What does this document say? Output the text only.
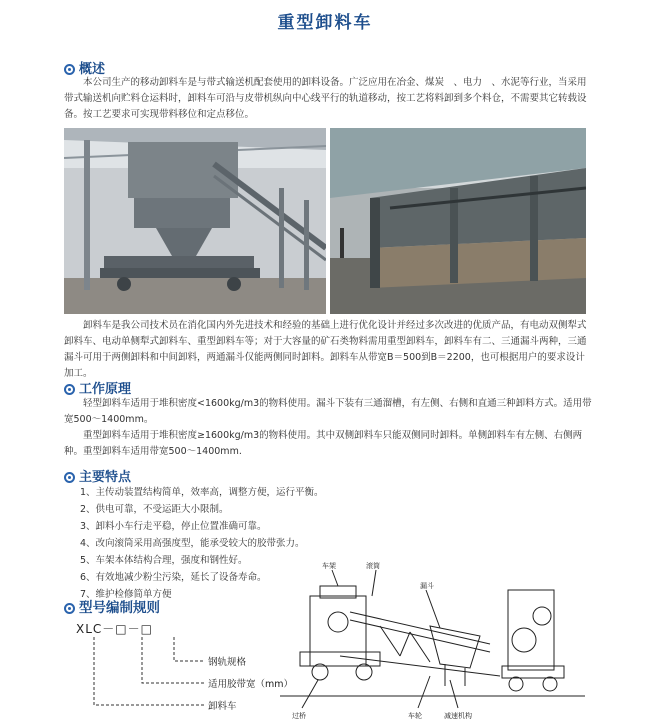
重型卸料车
概述

本公司生产的移动卸料车是与带式输送机配套使用的卸料设备。广泛应用在冶金、煤炭　、电力　、水泥等行业，当采用带式输送机向贮料仓运料时，卸料车可沿与皮带机纵向中心线平行的轨道移动，按工艺将料卸到多个料仓，不需要其它转载设备。按工艺要求可实现带料移位和定点移位。

卸料车是我公司技术员在消化国内外先进技术和经验的基础上进行优化设计并经过多次改进的优质产品，有电动双侧犁式卸料车、电动单侧犁式卸料车、重型卸料车等；对于大容量的矿石类物料需用重型卸料车，卸料车有二、三通漏斗两种，三通漏斗可用于两侧卸料和中间卸料，两通漏斗仅能两侧同时卸料。卸料车从带宽B＝500到B＝2200，也可根据用户的要求设计加工。

工作原理

轻型卸料车适用于堆积密度<1600kg/m3的物料使用。漏斗下装有三通溜槽，有左侧、右侧和直通三种卸料方式。适用带宽500～1400mm。

重型卸料车适用于堆积密度≥1600kg/m3的物料使用。其中双侧卸料车只能双侧同时卸料。单侧卸料车有左侧、右侧两种。重型卸料车适用带宽500～1400mm.

主要特点
1、主传动装置结构简单，效率高，调整方便，运行平衡。
2、供电可靠，不受运距大小限制。
3、卸料小车行走平稳，停止位置准确可靠。
4、改向滚筒采用高强度型，能承受较大的胶带张力。
5、车架本体结构合理，强度和钢性好。
6、有效地减少粉尘污染，延长了设备寿命。
7、维护检修简单方便
型号编制规则
XLC－□－□
钢轨规格
适用胶带宽（mm）
卸料车
车架	滚筒
漏斗
过桥	车轮	减速机构
